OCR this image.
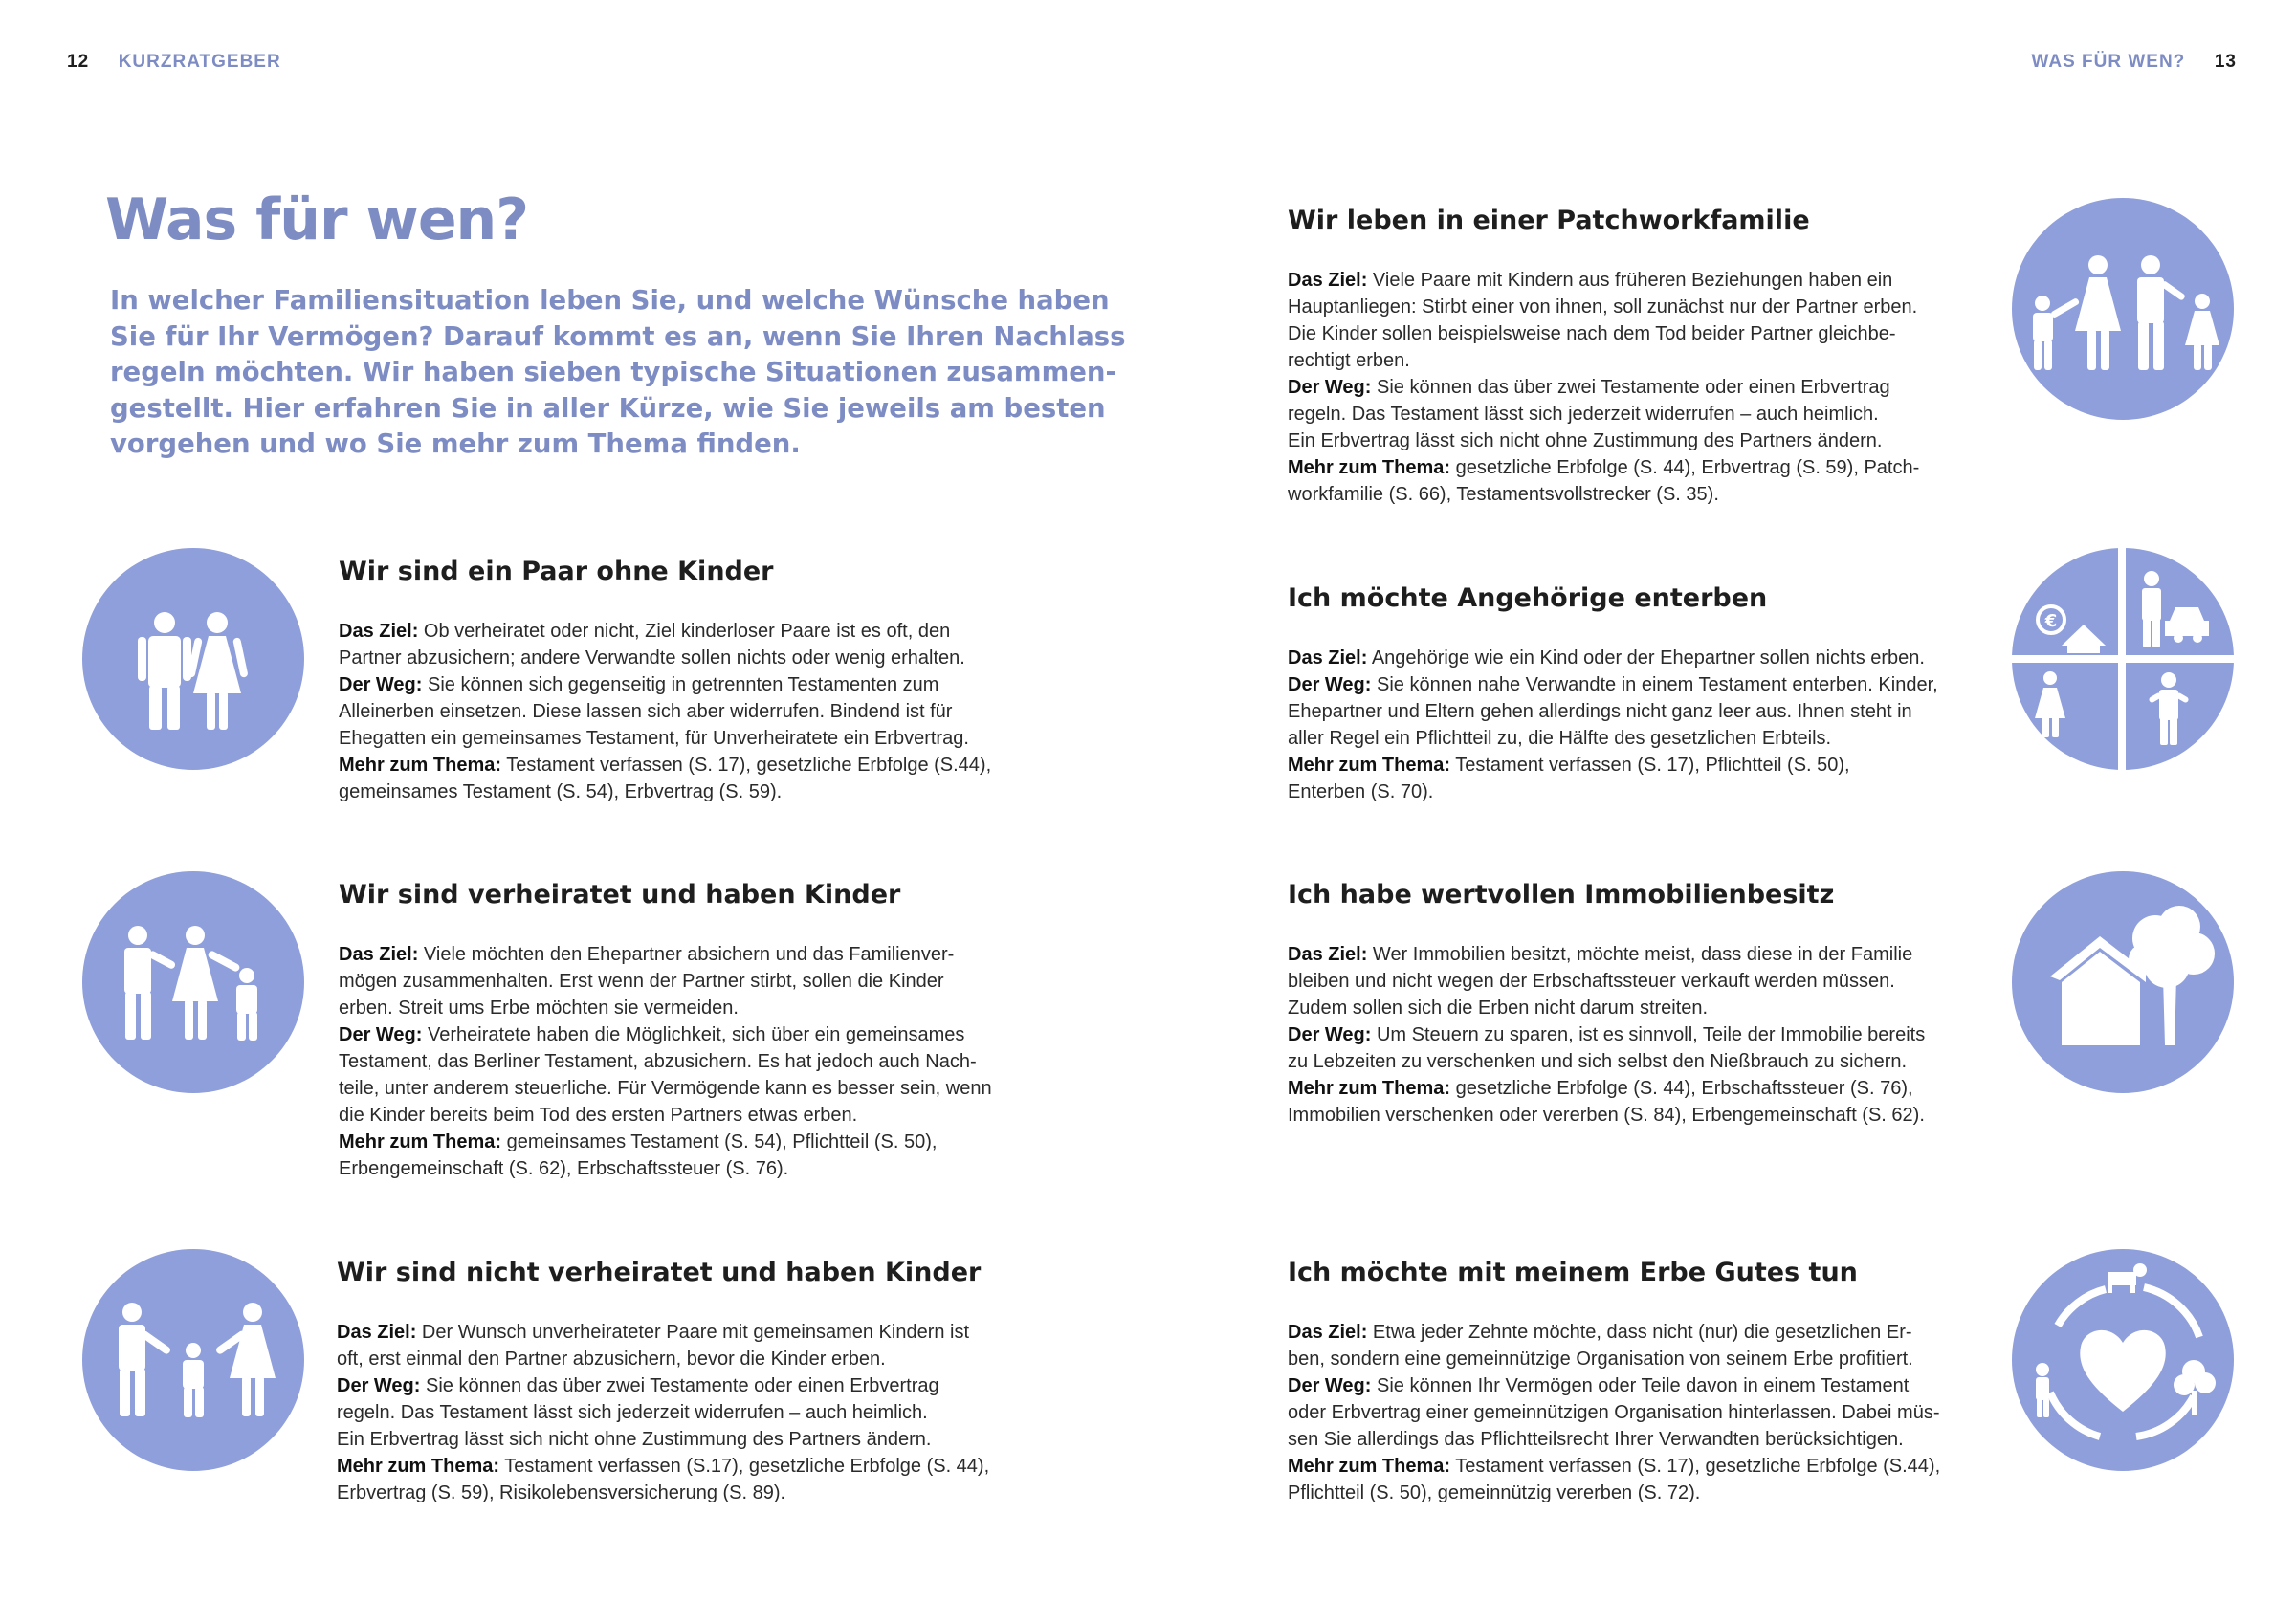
12 KURZRATGEBER	WAS FÜR WEN? 13
Was für wen?
In welcher Familiensituation leben Sie, und welche Wünsche haben
Sie für Ihr Vermögen? Darauf kommt es an, wenn Sie Ihren Nachlass
regeln möchten. Wir haben sieben typische Situationen zusammen-
gestellt. Hier erfahren Sie in aller Kürze, wie Sie jeweils am besten
vorgehen und wo Sie mehr zum Thema finden.
€
Wir sind ein Paar ohne Kinder
Das Ziel: Ob verheiratet oder nicht, Ziel kinderloser Paare ist es oft, den
Partner abzusichern; andere Verwandte sollen nichts oder wenig erhalten.
Der Weg: Sie können sich gegenseitig in getrennten Testamenten zum
Alleinerben einsetzen. Diese lassen sich aber widerrufen. Bindend ist für
Ehegatten ein gemeinsames Testament, für Unverheiratete ein Erbvertrag.
Mehr zum Thema: Testament verfassen (S. 17), gesetzliche Erbfolge (S.44),
gemeinsames Testament (S. 54), Erbvertrag (S. 59).
Wir sind verheiratet und haben Kinder
Das Ziel: Viele möchten den Ehepartner absichern und das Familienver-
mögen zusammenhalten. Erst wenn der Partner stirbt, sollen die Kinder
erben. Streit ums Erbe möchten sie vermeiden.
Der Weg: Verheiratete haben die Möglichkeit, sich über ein gemeinsames
Testament, das Berliner Testament, abzusichern. Es hat jedoch auch Nach-
teile, unter anderem steuerliche. Für Vermögende kann es besser sein, wenn
die Kinder bereits beim Tod des ersten Partners etwas erben.
Mehr zum Thema: gemeinsames Testament (S. 54), Pflichtteil (S. 50),
Erbengemeinschaft (S. 62), Erbschaftssteuer (S. 76).
Wir sind nicht verheiratet und haben Kinder
Das Ziel: Der Wunsch unverheirateter Paare mit gemeinsamen Kindern ist
oft, erst einmal den Partner abzusichern, bevor die Kinder erben.
Der Weg: Sie können das über zwei Testamente oder einen Erbvertrag
regeln. Das Testament lässt sich jederzeit widerrufen – auch heimlich.
Ein Erbvertrag lässt sich nicht ohne Zustimmung des Partners ändern.
Mehr zum Thema: Testament verfassen (S.17), gesetzliche Erbfolge (S. 44),
Erbvertrag (S. 59), Risikolebensversicherung (S. 89).
Wir leben in einer Patchworkfamilie
Das Ziel: Viele Paare mit Kindern aus früheren Beziehungen haben ein
Hauptanliegen: Stirbt einer von ihnen, soll zunächst nur der Partner erben.
Die Kinder sollen beispielsweise nach dem Tod beider Partner gleichbe-
rechtigt erben.
Der Weg: Sie können das über zwei Testamente oder einen Erbvertrag
regeln. Das Testament lässt sich jederzeit widerrufen – auch heimlich.
Ein Erbvertrag lässt sich nicht ohne Zustimmung des Partners ändern.
Mehr zum Thema: gesetzliche Erbfolge (S. 44), Erbvertrag (S. 59), Patch-
workfamilie (S. 66), Testamentsvollstrecker (S. 35).
Ich möchte Angehörige enterben
Das Ziel: Angehörige wie ein Kind oder der Ehepartner sollen nichts erben.
Der Weg: Sie können nahe Verwandte in einem Testament enterben. Kinder,
Ehepartner und Eltern gehen allerdings nicht ganz leer aus. Ihnen steht in
aller Regel ein Pflichtteil zu, die Hälfte des gesetzlichen Erbteils.
Mehr zum Thema: Testament verfassen (S. 17), Pflichtteil (S. 50),
Enterben (S. 70).
Ich habe wertvollen Immobilienbesitz
Das Ziel: Wer Immobilien besitzt, möchte meist, dass diese in der Familie
bleiben und nicht wegen der Erbschaftssteuer verkauft werden müssen.
Zudem sollen sich die Erben nicht darum streiten.
Der Weg: Um Steuern zu sparen, ist es sinnvoll, Teile der Immobilie bereits
zu Lebzeiten zu verschenken und sich selbst den Nießbrauch zu sichern.
Mehr zum Thema: gesetzliche Erbfolge (S. 44), Erbschaftssteuer (S. 76),
Immobilien verschenken oder vererben (S. 84), Erbengemeinschaft (S. 62).
Ich möchte mit meinem Erbe Gutes tun
Das Ziel: Etwa jeder Zehnte möchte, dass nicht (nur) die gesetzlichen Er-
ben, sondern eine gemeinnützige Organisation von seinem Erbe profitiert.
Der Weg: Sie können Ihr Vermögen oder Teile davon in einem Testament
oder Erbvertrag einer gemeinnützigen Organisation hinterlassen. Dabei müs-
sen Sie allerdings das Pflichtteilsrecht Ihrer Verwandten berücksichtigen.
Mehr zum Thema: Testament verfassen (S. 17), gesetzliche Erbfolge (S.44),
Pflichtteil (S. 50), gemeinnützig vererben (S. 72).
